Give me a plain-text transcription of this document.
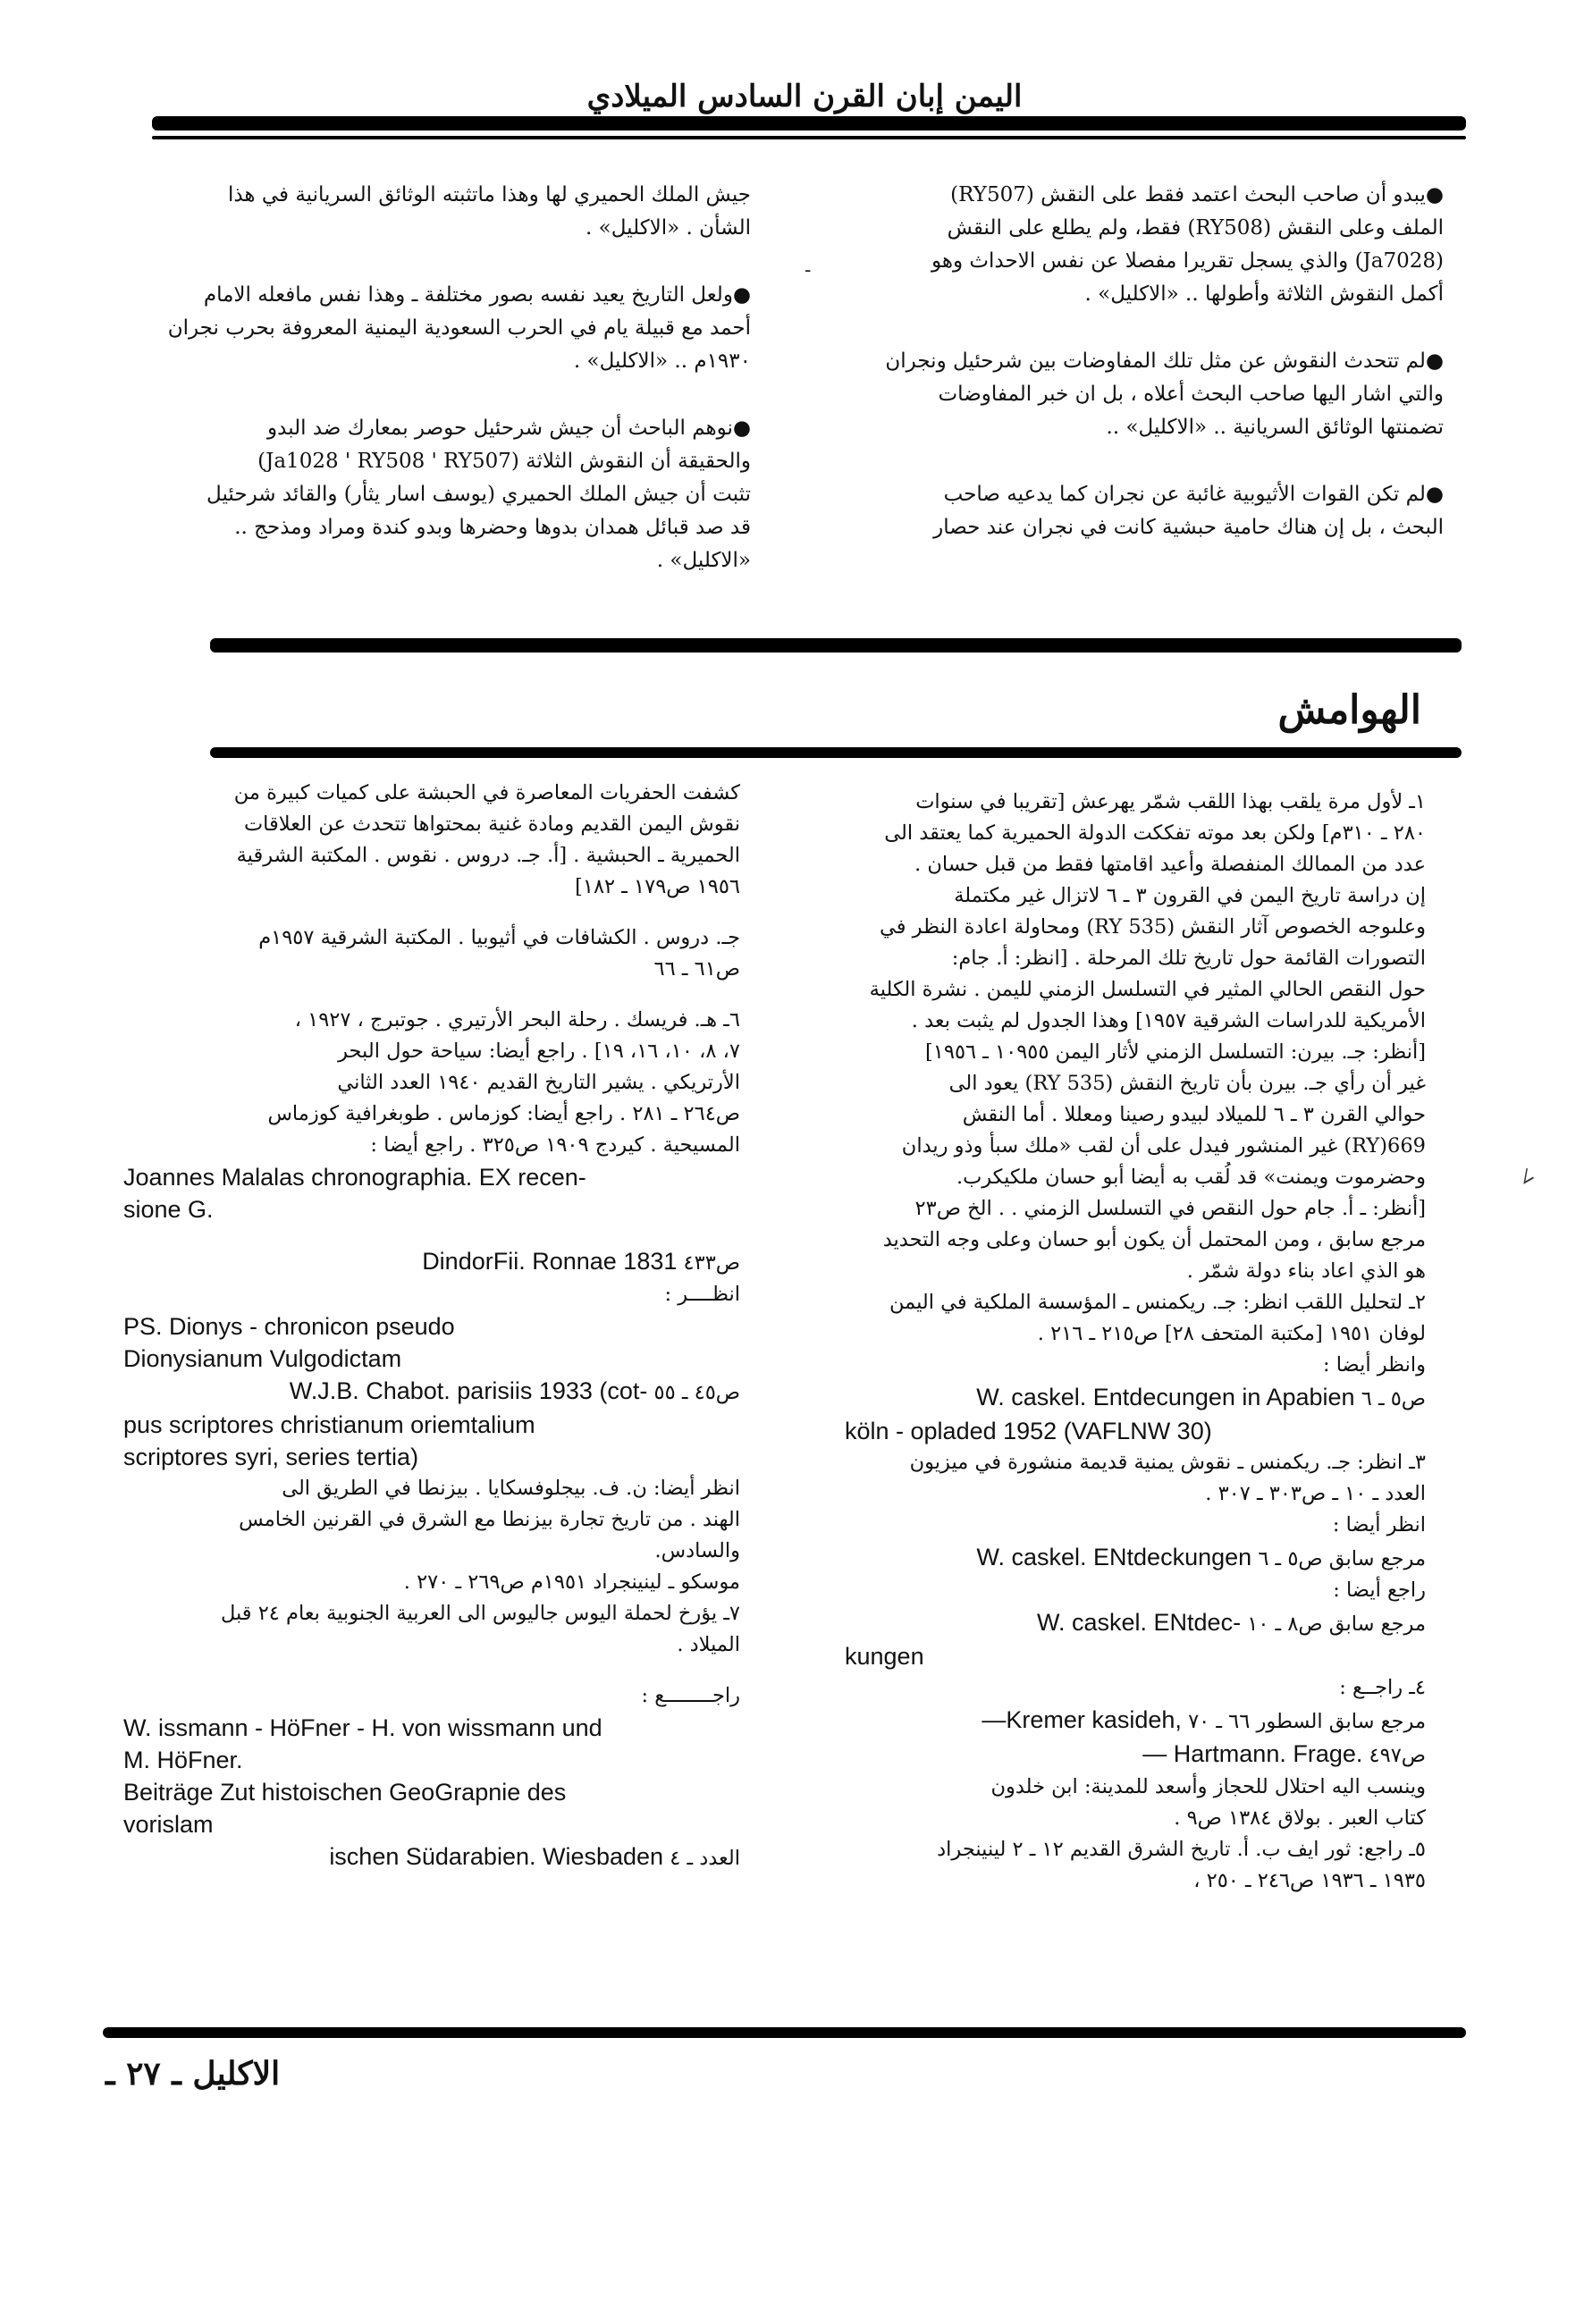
اليمن إبان القرن السادس الميلادي

●يبدو أن صاحب البحث اعتمد فقط على النقش (RY507)

الملف وعلى النقش (RY508) فقط، ولم يطلع على النقش

(Ja7028) والذي يسجل تقريرا مفصلا عن نفس الاحداث وهو

أكمل النقوش الثلاثة وأطولها .. «الاكليل» .

●لم تتحدث النقوش عن مثل تلك المفاوضات بين شرحئيل ونجران

والتي اشار اليها صاحب البحث أعلاه ، بل ان خبر المفاوضات

تضمنتها الوثائق السريانية .. «الاكليل» ..

●لم تكن القوات الأثيوبية غائبة عن نجران كما يدعيه صاحب

البحث ، بل إن هناك حامية حبشية كانت في نجران عند حصار

جيش الملك الحميري لها وهذا ماتثبته الوثائق السريانية في هذا

الشأن . «الاكليل» .

●ولعل التاريخ يعيد نفسه بصور مختلفة ـ وهذا نفس مافعله الامام

أحمد مع قبيلة يام في الحرب السعودية اليمنية المعروفة بحرب نجران

١٩٣٠م .. «الاكليل» .

●نوهم الباحث أن جيش شرحئيل حوصر بمعارك ضد البدو

والحقيقة أن النقوش الثلاثة (Ja1028 ' RY508 ' RY507)

تثبت أن جيش الملك الحميري (يوسف اسار يثأر) والقائد شرحئيل

قد صد قبائل همدان بدوها وحضرها وبدو كندة ومراد ومذحج ..

«الاكليل» .

-
الهوامش
١ـ لأول مرة يلقب بهذا اللقب شمّر يهرعش [تقريبا في سنوات
٢٨٠ ـ ٣١٠م] ولكن بعد موته تفككت الدولة الحميرية كما يعتقد الى
عدد من الممالك المنفصلة وأعيد اقامتها فقط من قبل حسان .
إن دراسة تاريخ اليمن في القرون ٣ ـ ٦ لاتزال غير مكتملة
وعلىوجه الخصوص آثار النقش (RY 535) ومحاولة اعادة النظر في
التصورات القائمة حول تاريخ تلك المرحلة . [انظر: أ. جام:
حول النقص الحالي المثير في التسلسل الزمني لليمن . نشرة الكلية
الأمريكية للدراسات الشرقية ١٩٥٧] وهذا الجدول لم يثبت بعد .
[أنظر: جـ. بيرن: التسلسل الزمني لأثار اليمن ١٠٩٥٥ ـ ١٩٥٦]
غير أن رأي جـ. بيرن بأن تاريخ النقش (RY 535) يعود الى
حوالي القرن ٣ ـ ٦ للميلاد لبيدو رصينا ومعللا . أما النقش
RY)669) غير المنشور فيدل على أن لقب «ملك سبأ وذو ريدان
وحضرموت ويمنت» قد لُقب به أيضا أبو حسان ملكيكرب.
[أنظر: ـ أ. جام حول النقص في التسلسل الزمني . . الخ ص٢٣
مرجع سابق ، ومن المحتمل أن يكون أبو حسان وعلى وجه التحديد
هو الذي اعاد بناء دولة شمّر .
٢ـ لتحليل اللقب انظر: جـ. ريكمنس ـ المؤسسة الملكية في اليمن
لوفان ١٩٥١ [مكتبة المتحف ٢٨] ص٢١٥ ـ ٢١٦ .
وانظر أيضا :
ص٥ ـ ٦ W. caskel. Entdecungen in Apabien
köln - opladed 1952 (VAFLNW 30)
٣ـ انظر: جـ. ريكمنس ـ نقوش يمنية قديمة منشورة في ميزيون
العدد ـ ١٠ ـ ص٣٠٣ ـ ٣٠٧ .
انظر أيضا :
مرجع سابق ص٥ ـ ٦ W. caskel. ENtdeckungen
راجع أيضا :
مرجع سابق ص٨ ـ ١٠ W. caskel. ENtdec-
kungen
٤ـ راجــع :
مرجع سابق السطور ٦٦ ـ ٧٠ —Kremer kasideh,
ص٤٩٧ — Hartmann. Frage.
وينسب اليه احتلال للحجاز وأسعد للمدينة: ابن خلدون
كتاب العبر . بولاق ١٣٨٤ ص٩ .
٥ـ راجع: ثور ايف ب. أ. تاريخ الشرق القديم ١٢ ـ ٢ لينينجراد
١٩٣٥ ـ ١٩٣٦ ص٢٤٦ ـ ٢٥٠ ،
كشفت الحفريات المعاصرة في الحبشة على كميات كبيرة من
نقوش اليمن القديم ومادة غنية بمحتواها تتحدث عن العلاقات
الحميرية ـ الحبشية . [أ. جـ. دروس . نقوس . المكتبة الشرقية
١٩٥٦ ص١٧٩ ـ ١٨٢]
جـ. دروس . الكشافات في أثيوبيا . المكتبة الشرقية ١٩٥٧م
ص٦١ ـ ٦٦
٦ـ هـ. فريسك . رحلة البحر الأرتيري . جوتبرج ، ١٩٢٧ ،
٧، ٨، ١٠، ١٦، ١٩] . راجع أيضا: سياحة حول البحر
الأرتريكي . يشير التاريخ القديم ١٩٤٠ العدد الثاني
ص٢٦٤ ـ ٢٨١ . راجع أيضا: كوزماس . طوبغرافية كوزماس
المسيحية . كيردج ١٩٠٩ ص٣٢٥ . راجع أيضا :
Joannes Malalas chronographia. EX recen-
sione G.
ص٤٣٣ DindorFii. Ronnae 1831
انظــــر :
PS. Dionys - chronicon pseudo
Dionysianum Vulgodictam
ص٤٥ ـ ٥٥ W.J.B. Chabot. parisiis 1933 (cot-
pus scriptores christianum oriemtalium
scriptores syri, series tertia)
انظر أيضا: ن. ف. بيجلوفسكايا . بيزنطا في الطريق الى
الهند . من تاريخ تجارة بيزنطا مع الشرق في القرنين الخامس
والسادس.
موسكو ـ لينينجراد ١٩٥١م ص٢٦٩ ـ ٢٧٠ .
٧ـ يؤرخ لحملة اليوس جاليوس الى العربية الجنوبية بعام ٢٤ قبل
الميلاد .
راجــــــــع :
W. issmann - HöFner - H. von wissmann und
M. HöFner.
Beiträge Zut histoischen GeoGrapnie des
vorislam
العدد ـ ٤ ischen Südarabien. Wiesbaden
∠
الاكليل ـ ٢٧ ـ
